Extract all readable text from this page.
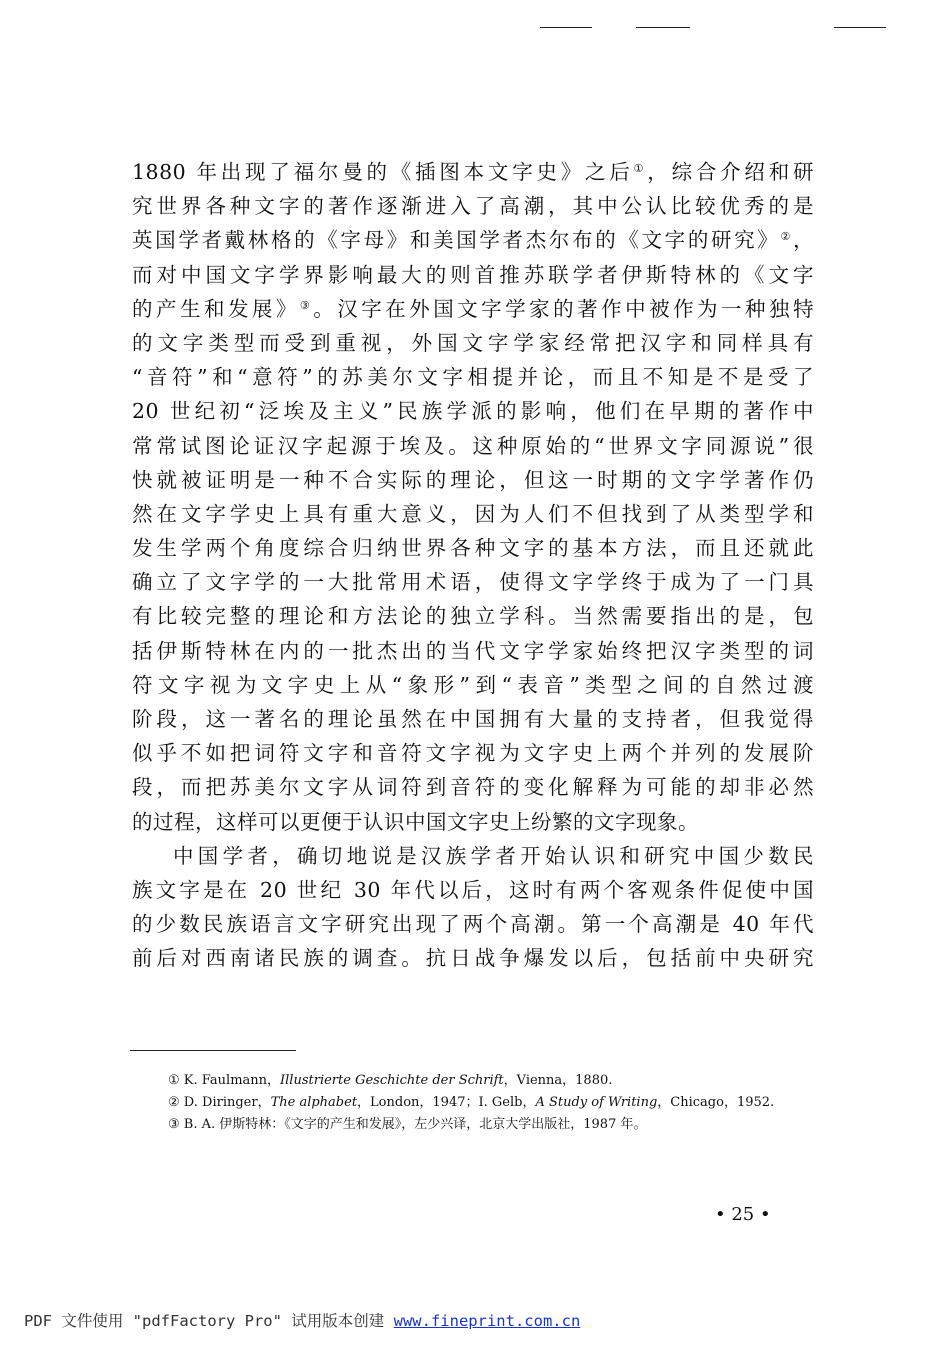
1880 年出现了福尔曼的《插图本文字史》之后①，综合介绍和研
究世界各种文字的著作逐渐进入了高潮，其中公认比较优秀的是
英国学者戴林格的《字母》和美国学者杰尔布的《文字的研究》②，
而对中国文字学界影响最大的则首推苏联学者伊斯特林的《文字
的产生和发展》③。汉字在外国文字学家的著作中被作为一种独特
的文字类型而受到重视，外国文字学家经常把汉字和同样具有
“音符”和“意符”的苏美尔文字相提并论，而且不知是不是受了
20 世纪初“泛埃及主义”民族学派的影响，他们在早期的著作中
常常试图论证汉字起源于埃及。这种原始的“世界文字同源说”很
快就被证明是一种不合实际的理论，但这一时期的文字学著作仍
然在文字学史上具有重大意义，因为人们不但找到了从类型学和
发生学两个角度综合归纳世界各种文字的基本方法，而且还就此
确立了文字学的一大批常用术语，使得文字学终于成为了一门具
有比较完整的理论和方法论的独立学科。当然需要指出的是，包
括伊斯特林在内的一批杰出的当代文字学家始终把汉字类型的词
符文字视为文字史上从“象形”到“表音”类型之间的自然过渡
阶段，这一著名的理论虽然在中国拥有大量的支持者，但我觉得
似乎不如把词符文字和音符文字视为文字史上两个并列的发展阶
段，而把苏美尔文字从词符到音符的变化解释为可能的却非必然
的过程，这样可以更便于认识中国文字史上纷繁的文字现象。
中国学者，确切地说是汉族学者开始认识和研究中国少数民
族文字是在 20 世纪 30 年代以后，这时有两个客观条件促使中国
的少数民族语言文字研究出现了两个高潮。第一个高潮是 40 年代
前后对西南诸民族的调查。抗日战争爆发以后，包括前中央研究
① K. Faulmann，Illustrierte Geschichte der Schrift，Vienna，1880.
② D. Diringer，The alphabet，London，1947；I. Gelb，A Study of Writing，Chicago，1952.
③ B. A. 伊斯特林：《文字的产生和发展》，左少兴译，北京大学出版社，1987 年。
• 25 •
PDF 文件使用 "pdfFactory Pro" 试用版本创建 www.fineprint.com.cn
